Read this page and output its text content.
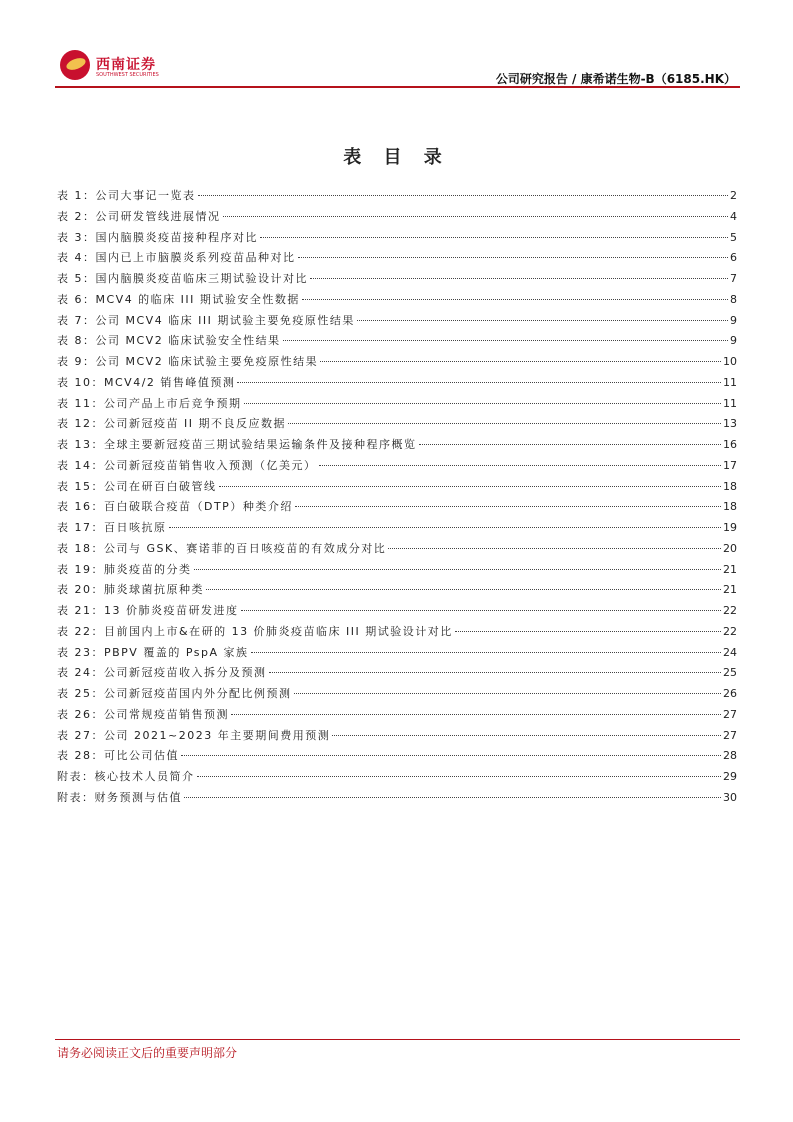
西南证券
SOUTHWEST SECURITIES	公司研究报告 / 康希诺生物-B（6185.HK）
表 目 录
表 1：公司大事记一览表	2
表 2：公司研发管线进展情况	4
表 3：国内脑膜炎疫苗接种程序对比	5
表 4：国内已上市脑膜炎系列疫苗品种对比	6
表 5：国内脑膜炎疫苗临床三期试验设计对比	7
表 6：MCV4 的临床 III 期试验安全性数据	8
表 7：公司 MCV4 临床 III 期试验主要免疫原性结果	9
表 8：公司 MCV2 临床试验安全性结果	9
表 9：公司 MCV2 临床试验主要免疫原性结果	10
表 10：MCV4/2 销售峰值预测	11
表 11：公司产品上市后竞争预期	11
表 12：公司新冠疫苗 II 期不良反应数据	13
表 13：全球主要新冠疫苗三期试验结果运输条件及接种程序概览	16
表 14：公司新冠疫苗销售收入预测（亿美元）	17
表 15：公司在研百白破管线	18
表 16：百白破联合疫苗（DTP）种类介绍	18
表 17：百日咳抗原	19
表 18：公司与 GSK、赛诺菲的百日咳疫苗的有效成分对比	20
表 19：肺炎疫苗的分类	21
表 20：肺炎球菌抗原种类	21
表 21：13 价肺炎疫苗研发进度	22
表 22：目前国内上市&在研的 13 价肺炎疫苗临床 III 期试验设计对比	22
表 23：PBPV 覆盖的 PspA 家族	24
表 24：公司新冠疫苗收入拆分及预测	25
表 25：公司新冠疫苗国内外分配比例预测	26
表 26：公司常规疫苗销售预测	27
表 27：公司 2021~2023 年主要期间费用预测	27
表 28：可比公司估值	28
附表：核心技术人员简介	29
附表：财务预测与估值	30
请务必阅读正文后的重要声明部分
